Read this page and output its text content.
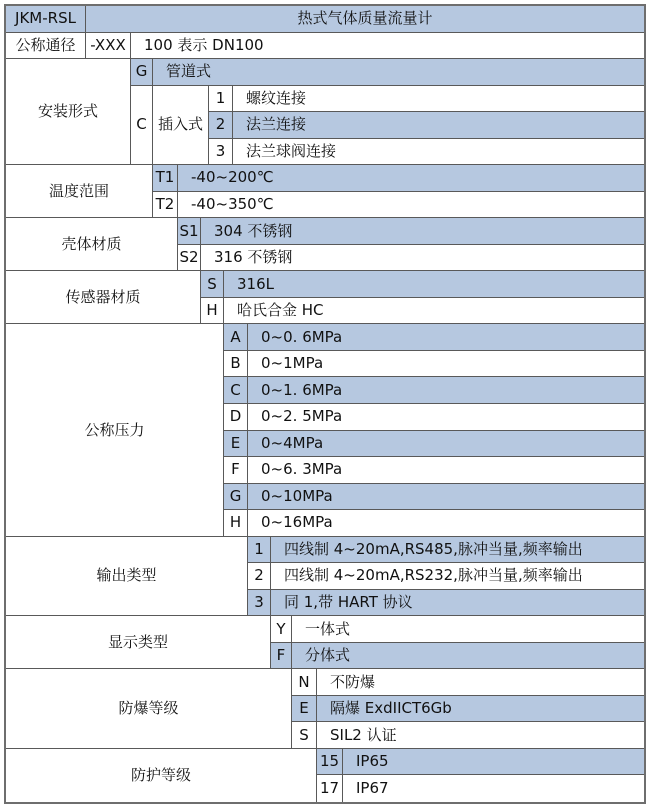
JKM-RSL	热式气体质量流量计
公称通径 -XXX	100 表示 DN100
安装形式
G	管道式
C 插入式
1	螺纹连接
2	法兰连接
3	法兰球阀连接
温度范围
T1	-40~200℃
T2	-40~350℃
壳体材质
S1	304 不锈钢
S2	316 不锈钢
传感器材质
S	316L
H	哈氏合金 HC
公称压力
A	0~0. 6MPa
B	0~1MPa
C	0~1. 6MPa
D	0~2. 5MPa
E	0~4MPa
F	0~6. 3MPa
G	0~10MPa
H	0~16MPa
输出类型
1	四线制 4~20mA,RS485,脉冲当量,频率输出
2	四线制 4~20mA,RS232,脉冲当量,频率输出
3	同 1,带 HART 协议
显示类型
Y	一体式
F	分体式
防爆等级
N	不防爆
E	隔爆 ExdIICT6Gb
S	SIL2 认证
防护等级
15	IP65
17	IP67
